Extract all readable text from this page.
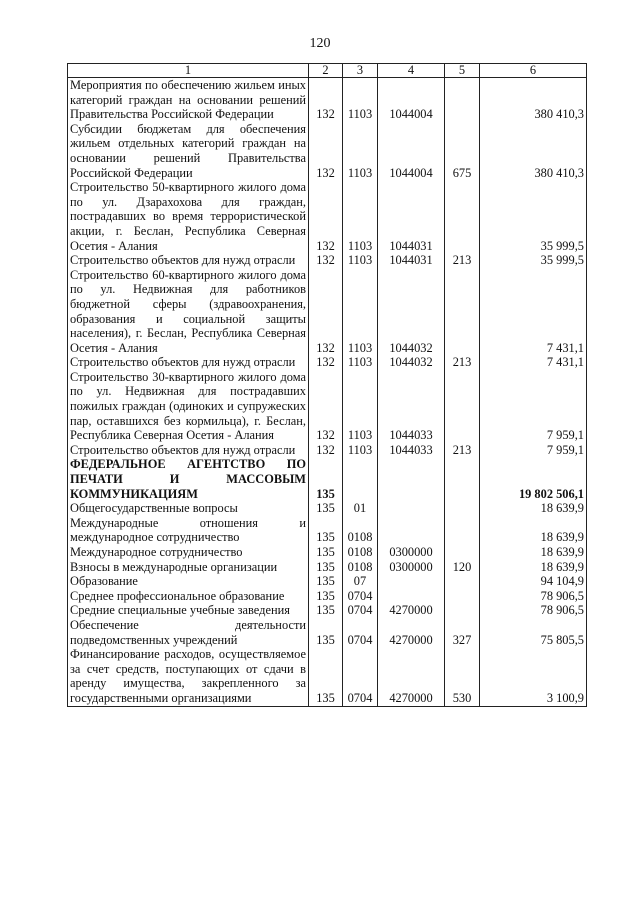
120
1	2	3	4	5	6
Мероприятия по обеспечению жильем иных категорий граждан на основании решений Правительства Российской Федерации	132	1103	1044004		380 410,3
Субсидии бюджетам для обеспечения жильем отдельных категорий граждан на основании решений Правительства Российской Федерации	132	1103	1044004	675	380 410,3
Строительство 50-квартирного жилого дома по ул. Дзарахохова для граждан, пострадавших во время террористической акции, г. Беслан, Республика Северная Осетия - Алания	132	1103	1044031		35 999,5
Строительство объектов для нужд отрасли	132	1103	1044031	213	35 999,5
Строительство 60-квартирного жилого дома по ул. Недвижная для работников бюджетной сферы (здравоохранения, образования и социальной защиты населения), г. Беслан, Республика Северная Осетия - Алания	132	1103	1044032		7 431,1
Строительство объектов для нужд отрасли	132	1103	1044032	213	7 431,1
Строительство 30-квартирного жилого дома по ул. Недвижная для пострадавших пожилых граждан (одиноких и супружеских пар, оставшихся без кормильца), г. Беслан, Республика Северная Осетия - Алания	132	1103	1044033		7 959,1
Строительство объектов для нужд отрасли	132	1103	1044033	213	7 959,1
ФЕДЕРАЛЬНОЕ АГЕНТСТВО ПО ПЕЧАТИ И МАССОВЫМ КОММУНИКАЦИЯМ	135				19 802 506,1
Общегосударственные вопросы	135	01			18 639,9
Международные отношения и международное сотрудничество	135	0108			18 639,9
Международное сотрудничество	135	0108	0300000		18 639,9
Взносы в международные организации	135	0108	0300000	120	18 639,9
Образование	135	07			94 104,9
Среднее профессиональное образование	135	0704			78 906,5
Средние специальные учебные заведения	135	0704	4270000		78 906,5
Обеспечение деятельности подведомственных учреждений	135	0704	4270000	327	75 805,5
Финансирование расходов, осуществляемое за счет средств, поступающих от сдачи в аренду имущества, закрепленного за государственными организациями	135	0704	4270000	530	3 100,9
